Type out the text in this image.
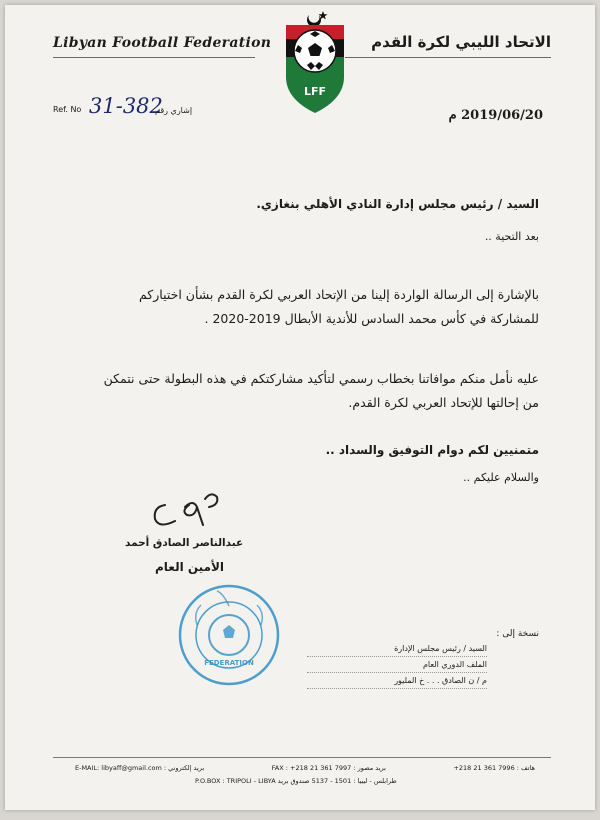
Libyan Football Federation	الاتحاد الليبي لكرة القدم
LFF
Ref. No 31-382
إشاري رقم	2019/06/20 م
السيد / رئيس مجلس إدارة النادي الأهلي بنغازي.
بعد التحية ..
بالإشارة إلى الرسالة الواردة إلينا من الإتحاد العربي لكرة القدم بشأن اختياركم للمشاركة في كأس محمد السادس للأندية الأبطال 2019-2020 .
عليه نأمل منكم موافاتنا بخطاب رسمي لتأكيد مشاركتكم في هذه البطولة حتى نتمكن من إحالتها للإتحاد العربي لكرة القدم.
متمنيين لكم دوام التوفيق والسداد ..
والسلام عليكم ..
عبدالناصر الصادق أحمد
الأمين العام
FEDERATION
نسخة إلى :
السيد / رئيس مجلس الإدارة
الملف الدوري العام
م / ن الصادق . . . خ المليور
E-MAIL: libyaff@gmail.com : بريد إلكتروني	FAX : +218 21 361 7997 : بريد مصور	+218 21 361 7996 : هاتف
P.O.BOX : TRIPOLI - LIBYA طرابلس - ليبيا : 1501 - 5137 صندوق بريد
